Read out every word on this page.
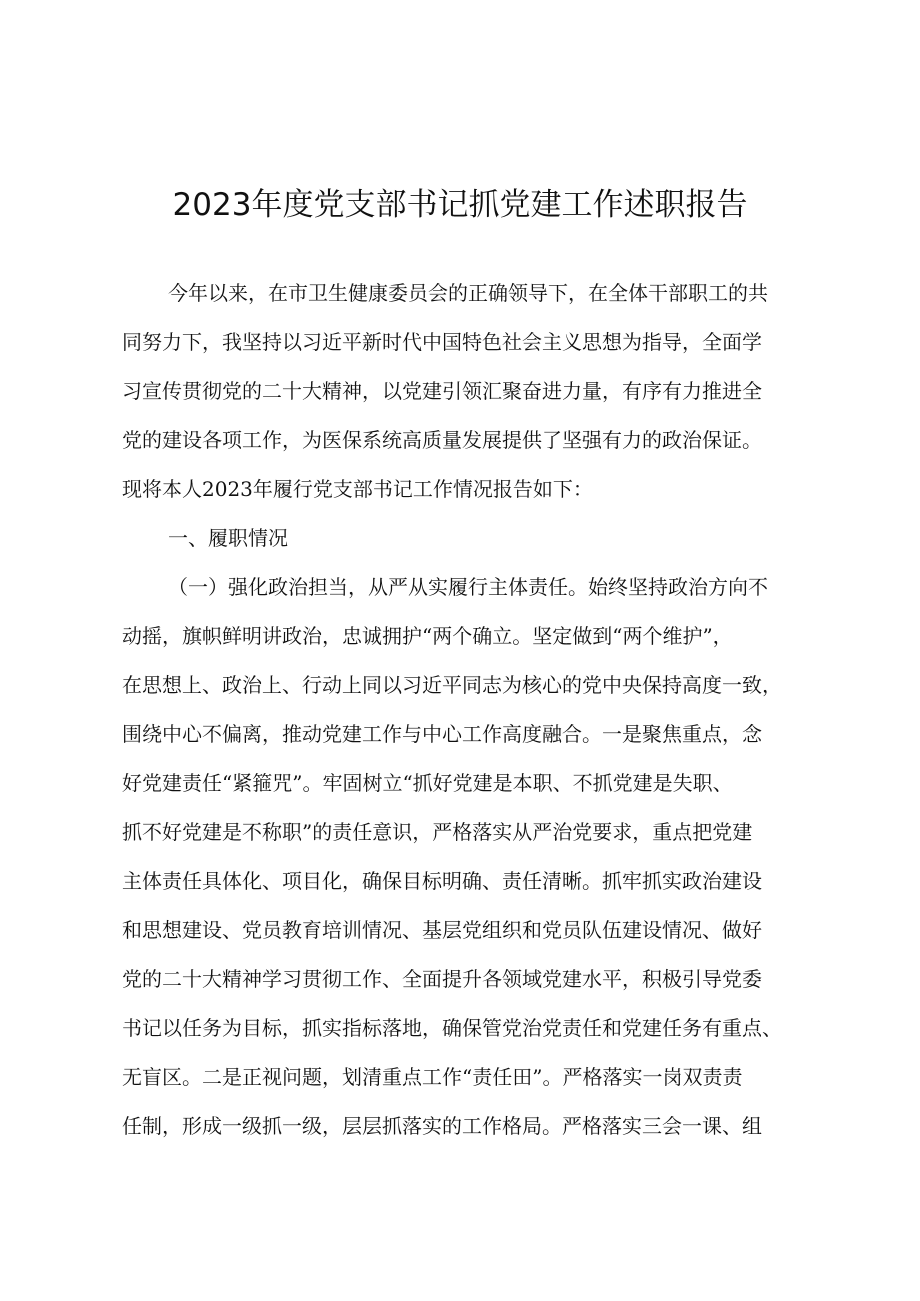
2023年度党支部书记抓党建工作述职报告
今年以来，在市卫生健康委员会的正确领导下，在全体干部职工的共
同努力下，我坚持以习近平新时代中国特色社会主义思想为指导，全面学
习宣传贯彻党的二十大精神，以党建引领汇聚奋进力量，有序有力推进全
党的建设各项工作，为医保系统高质量发展提供了坚强有力的政治保证。
现将本人2023年履行党支部书记工作情况报告如下：
一、履职情况
（一）强化政治担当，从严从实履行主体责任。始终坚持政治方向不
动摇，旗帜鲜明讲政治，忠诚拥护“两个确立。坚定做到“两个维护”，
在思想上、政治上、行动上同以习近平同志为核心的党中央保持高度一致，
围绕中心不偏离，推动党建工作与中心工作高度融合。一是聚焦重点，念
好党建责任“紧箍咒”。牢固树立“抓好党建是本职、不抓党建是失职、
抓不好党建是不称职”的责任意识，严格落实从严治党要求，重点把党建
主体责任具体化、项目化，确保目标明确、责任清晰。抓牢抓实政治建设
和思想建设、党员教育培训情况、基层党组织和党员队伍建设情况、做好
党的二十大精神学习贯彻工作、全面提升各领域党建水平，积极引导党委
书记以任务为目标，抓实指标落地，确保管党治党责任和党建任务有重点、
无盲区。二是正视问题，划清重点工作“责任田”。严格落实一岗双责责
任制，形成一级抓一级，层层抓落实的工作格局。严格落实三会一课、组
